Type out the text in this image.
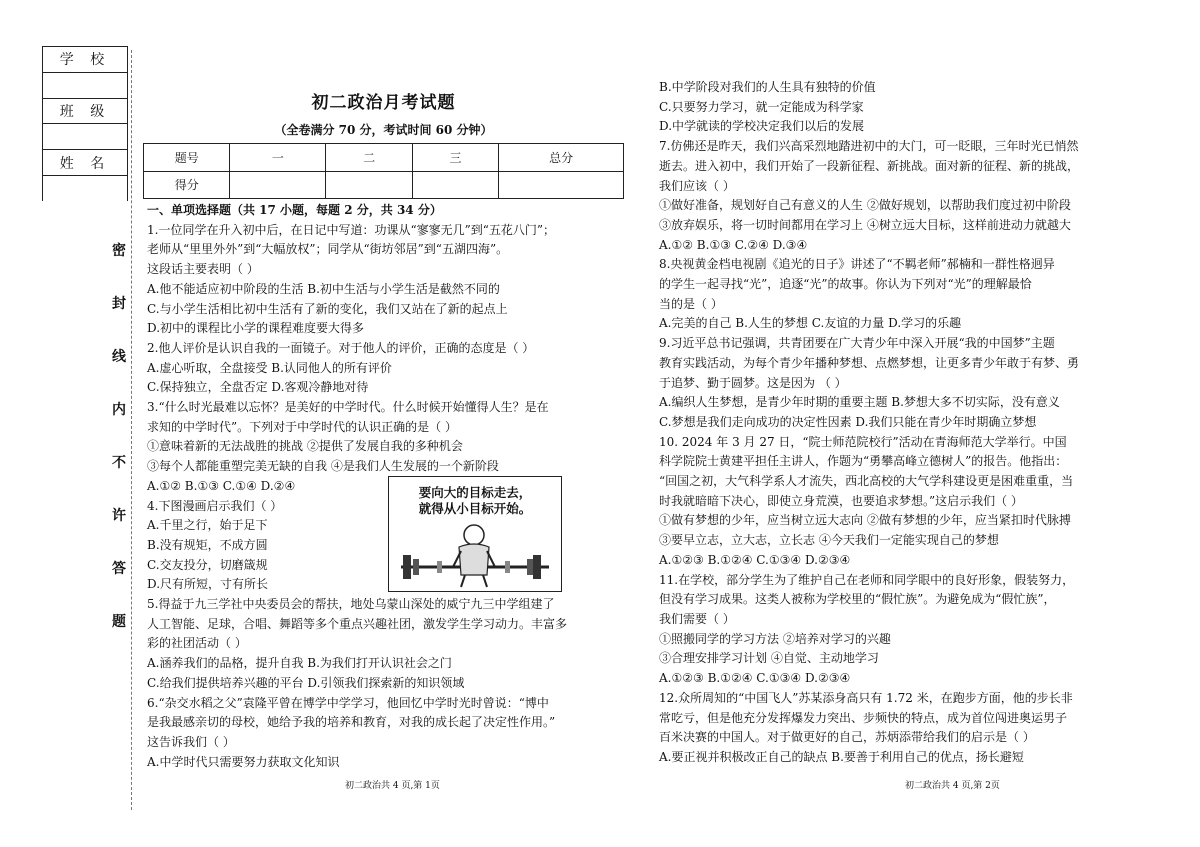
学 校
班 级
姓 名
密
封
线
内
不
许
答
题
初二政治月考试题
（全卷满分 70 分，考试时间 60 分钟）
题号	一	二	三	总分
得分				

一、单项选择题（共 17 小题，每题 2 分，共 34 分）

1.一位同学在升入初中后，在日记中写道：功课从“寥寥无几”到“五花八门”；

老师从“里里外外”到“大幅放权”；同学从“街坊邻居”到“五湖四海”。

这段话主要表明（ ）

A.他不能适应初中阶段的生活 B.初中生活与小学生活是截然不同的

C.与小学生活相比初中生活有了新的变化，我们又站在了新的起点上

D.初中的课程比小学的课程难度要大得多

2.他人评价是认识自我的一面镜子。对于他人的评价，正确的态度是（ ）

A.虚心听取，全盘接受 B.认同他人的所有评价

C.保持独立，全盘否定 D.客观冷静地对待

3.“什么时光最难以忘怀？是美好的中学时代。什么时候开始懂得人生？是在

求知的中学时代”。下列对于中学时代的认识正确的是（ ）

①意味着新的无法战胜的挑战 ②提供了发展自我的多种机会

③每个人都能重塑完美无缺的自我 ④是我们人生发展的一个新阶段

A.①② B.①③ C.①④ D.②④

4.下图漫画启示我们（ ）

A.千里之行，始于足下

B.没有规矩，不成方圆

C.交友投分，切磨箴规

D.尺有所短，寸有所长

5.得益于九三学社中央委员会的帮扶，地处乌蒙山深处的威宁九三中学组建了

人工智能、足球，合唱、舞蹈等多个重点兴趣社团，激发学生学习动力。丰富多

彩的社团活动（ ）

A.涵养我们的品格，提升自我 B.为我们打开认识社会之门

C.给我们提供培养兴趣的平台 D.引领我们探索新的知识领域

6.“杂交水稻之父”袁隆平曾在博学中学学习，他回忆中学时光时曾说：“博中

是我最感亲切的母校，她给予我的培养和教育，对我的成长起了决定性作用。”

这告诉我们（ ）

A.中学时代只需要努力获取文化知识

B.中学阶段对我们的人生具有独特的价值

C.只要努力学习，就一定能成为科学家

D.中学就读的学校决定我们以后的发展

7.仿佛还是昨天，我们兴高采烈地踏进初中的大门，可一眨眼，三年时光已悄然

逝去。进入初中，我们开始了一段新征程、新挑战。面对新的征程、新的挑战，

我们应该（ ）

①做好准备，规划好自己有意义的人生 ②做好规划，以帮助我们度过初中阶段

③放弃娱乐，将一切时间都用在学习上 ④树立远大目标，这样前进动力就越大

A.①② B.①③ C.②④ D.③④

8.央视黄金档电视剧《追光的日子》讲述了“不羁老师”郝楠和一群性格迥异

的学生一起寻找“光”，追逐“光”的故事。你认为下列对“光”的理解最恰

当的是（ ）

A.完美的自己 B.人生的梦想 C.友谊的力量 D.学习的乐趣

9.习近平总书记强调，共青团要在广大青少年中深入开展“我的中国梦”主题

教育实践活动，为每个青少年播种梦想、点燃梦想，让更多青少年敢于有梦、勇

于追梦、勤于圆梦。这是因为 （ ）

A.编织人生梦想，是青少年时期的重要主题 B.梦想大多不切实际，没有意义

C.梦想是我们走向成功的决定性因素 D.我们只能在青少年时期确立梦想

10. 2024 年 3 月 27 日，“院士师范院校行”活动在青海师范大学举行。中国

科学院院士黄建平担任主讲人，作题为“勇攀高峰立德树人”的报告。他指出：

“回国之初，大气科学系人才流失，西北高校的大气学科建设更是困难重重，当

时我就暗暗下决心，即使立身荒漠，也要追求梦想。”这启示我们（ ）

①做有梦想的少年，应当树立远大志向 ②做有梦想的少年，应当紧扣时代脉搏

③要早立志，立大志，立长志 ④今天我们一定能实现自己的梦想

A.①②③ B.①②④ C.①③④ D.②③④

11.在学校，部分学生为了维护自己在老师和同学眼中的良好形象，假装努力，

但没有学习成果。这类人被称为学校里的“假忙族”。为避免成为“假忙族”，

我们需要（ ）

①照搬同学的学习方法 ②培养对学习的兴趣

③合理安排学习计划 ④自觉、主动地学习

A.①②③ B.①②④ C.①③④ D.②③④

12.众所周知的“中国飞人”苏某添身高只有 1.72 米，在跑步方面，他的步长非

常吃亏，但是他充分发挥爆发力突出、步频快的特点，成为首位闯进奥运男子

百米决赛的中国人。对于做更好的自己，苏炳添带给我们的启示是（ ）

A.要正视并积极改正自己的缺点 B.要善于利用自己的优点，扬长避短

要向大的目标走去，
就得从小目标开始。
初二政治共 4 页,第 1页	初二政治共 4 页,第 2页
